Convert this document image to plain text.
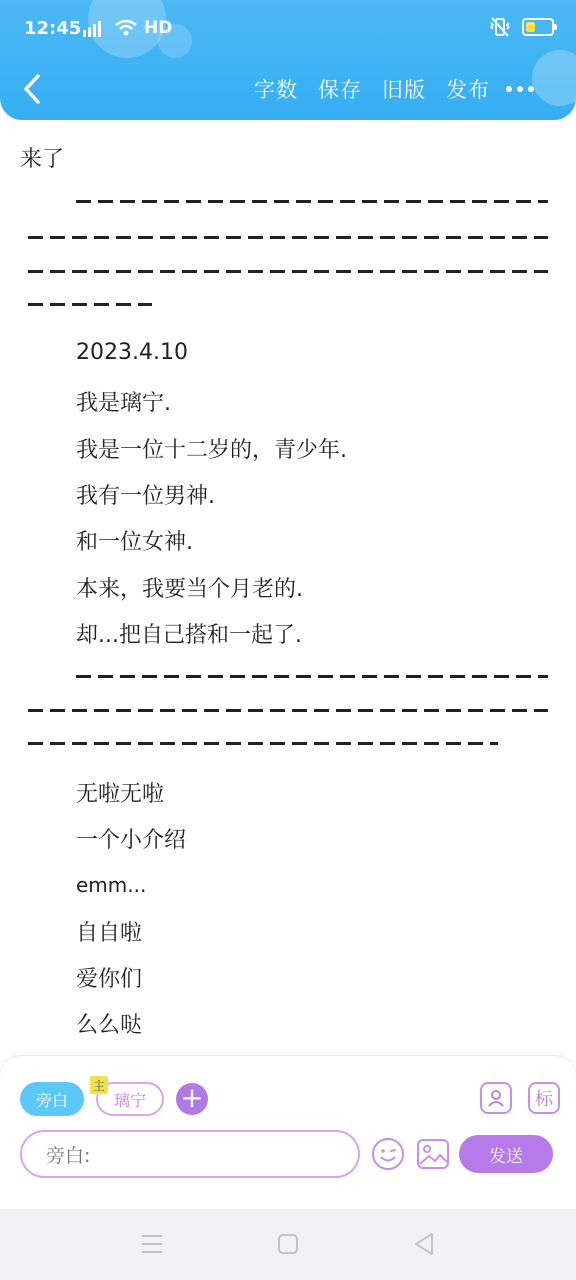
12:45	HD
字数 保存 旧版 发布
来了
2023.4.10
我是璃宁.
我是一位十二岁的，青少年.
我有一位男神.
和一位女神.
本来，我要当个月老的.
却...把自己搭和一起了.
无啦无啦
一个小介绍
emm...
自自啦
爱你们
么么哒
旁白	璃宁
主	+	标
旁白:	发送
